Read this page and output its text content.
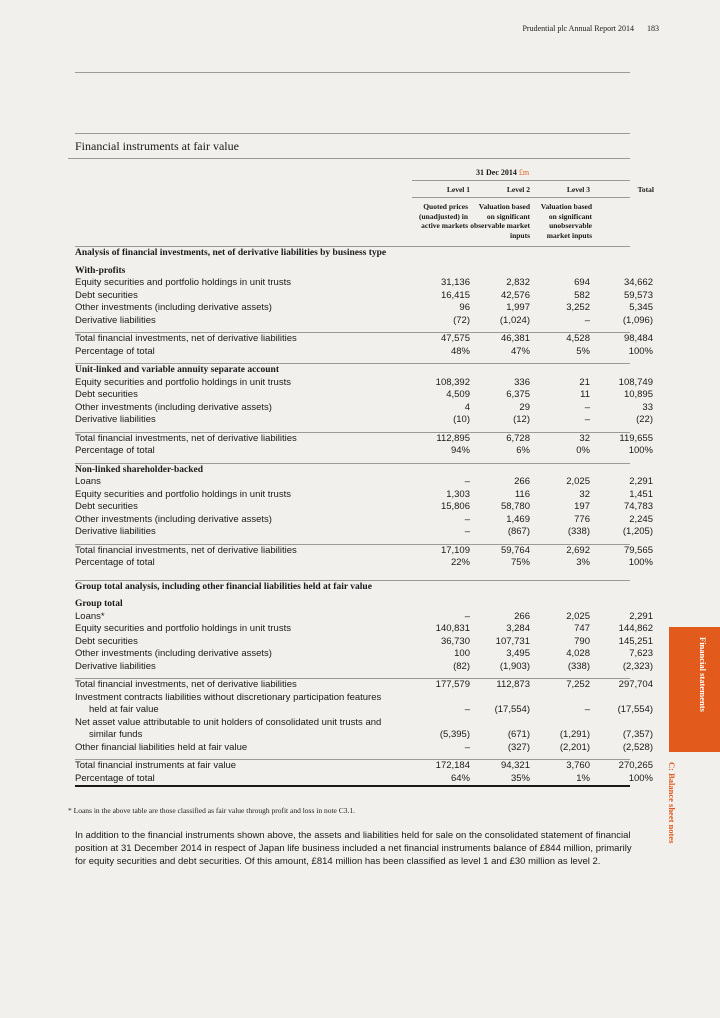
Prudential plc Annual Report 2014 183
Financial instruments at fair value
31 Dec 2014 £m
Level 1	Level 2	Level 3	Total
Quoted prices (unadjusted) in active markets
Valuation based on significant observable market inputs
Valuation based on significant unobservable market inputs
Analysis of financial investments, net of derivative liabilities by business type
With-profits
Equity securities and portfolio holdings in unit trusts	31,136	2,832	694	34,662
Debt securities	16,415	42,576	582	59,573
Other investments (including derivative assets)	96	1,997	3,252	5,345
Derivative liabilities	(72)	(1,024)	–	(1,096)
Total financial investments, net of derivative liabilities	47,575	46,381	4,528	98,484
Percentage of total	48%	47%	5%	100%
Unit-linked and variable annuity separate account
Equity securities and portfolio holdings in unit trusts	108,392	336	21	108,749
Debt securities	4,509	6,375	11	10,895
Other investments (including derivative assets)	4	29	–	33
Derivative liabilities	(10)	(12)	–	(22)
Total financial investments, net of derivative liabilities	112,895	6,728	32	119,655
Percentage of total	94%	6%	0%	100%
Non-linked shareholder-backed
Loans	–	266	2,025	2,291
Equity securities and portfolio holdings in unit trusts	1,303	116	32	1,451
Debt securities	15,806	58,780	197	74,783
Other investments (including derivative assets)	–	1,469	776	2,245
Derivative liabilities	–	(867)	(338)	(1,205)
Total financial investments, net of derivative liabilities	17,109	59,764	2,692	79,565
Percentage of total	22%	75%	3%	100%
Group total analysis, including other financial liabilities held at fair value
Group total
Loans*	–	266	2,025	2,291
Equity securities and portfolio holdings in unit trusts	140,831	3,284	747	144,862
Debt securities	36,730	107,731	790	145,251
Other investments (including derivative assets)	100	3,495	4,028	7,623
Derivative liabilities	(82)	(1,903)	(338)	(2,323)
Total financial investments, net of derivative liabilities	177,579	112,873	7,252	297,704
Investment contracts liabilities without discretionary participation features
held at fair value	–	(17,554)	–	(17,554)
Net asset value attributable to unit holders of consolidated unit trusts and
similar funds	(5,395)	(671)	(1,291)	(7,357)
Other financial liabilities held at fair value	–	(327)	(2,201)	(2,528)
Total financial instruments at fair value	172,184	94,321	3,760	270,265
Percentage of total	64%	35%	1%	100%
* Loans in the above table are those classified as fair value through profit and loss in note C3.1.
In addition to the financial instruments shown above, the assets and liabilities held for sale on the consolidated statement of financial position at 31 December 2014 in respect of Japan life business included a net financial instruments balance of £844 million, primarily for equity securities and debt securities. Of this amount, £814 million has been classified as level 1 and £30 million as level 2.
Financial statements
C: Balance sheet notes
